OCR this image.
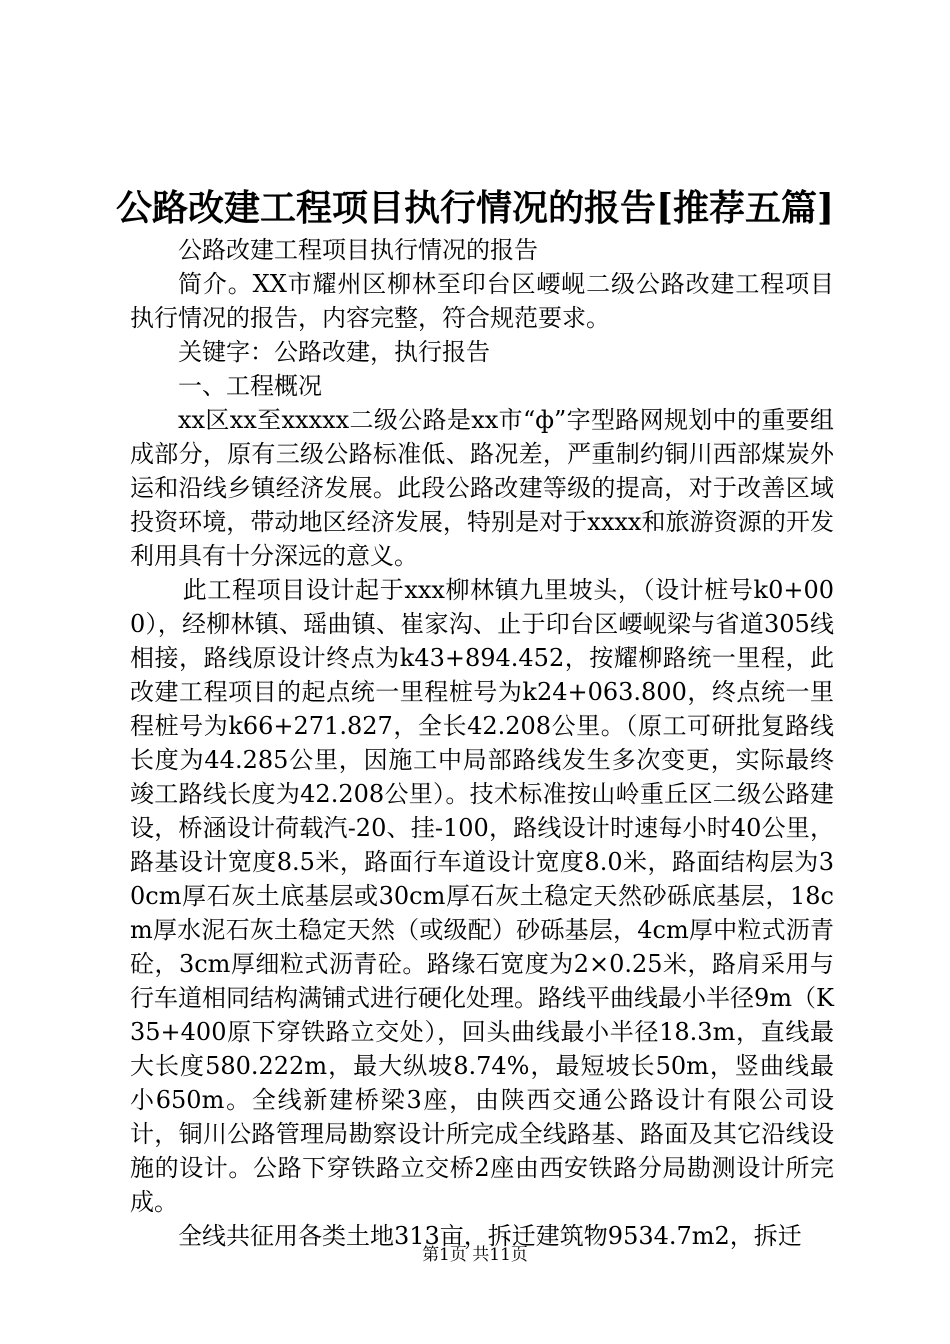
公路改建工程项目执行情况的报告[推荐五篇]

公路改建工程项目执行情况的报告

简介。XX市耀州区柳林至印台区崾岘二级公路改建工程项目执行情况的报告，内容完整，符合规范要求。

关键字：公路改建，执行报告

一、工程概况

xx区xx至xxxxx二级公路是xx市“ф”字型路网规划中的重要组成部分，原有三级公路标准低、路况差，严重制约铜川西部煤炭外运和沿线乡镇经济发展。此段公路改建等级的提高，对于改善区域投资环境，带动地区经济发展，特别是对于xxxx和旅游资源的开发利用具有十分深远的意义。

此工程项目设计起于xxx柳林镇九里坡头，（设计桩号k0+000），经柳林镇、瑶曲镇、崔家沟、止于印台区崾岘梁与省道305线相接，路线原设计终点为k43+894.452，按耀柳路统一里程，此改建工程项目的起点统一里程桩号为k24+063.800，终点统一里程桩号为k66+271.827，全长42.208公里。（原工可研批复路线长度为44.285公里，因施工中局部路线发生多次变更，实际最终竣工路线长度为42.208公里）。技术标准按山岭重丘区二级公路建设，桥涵设计荷载汽-20、挂-100，路线设计时速每小时40公里，路基设计宽度8.5米，路面行车道设计宽度8.0米，路面结构层为30cm厚石灰土底基层或30cm厚石灰土稳定天然砂砾底基层，18cm厚水泥石灰土稳定天然（或级配）砂砾基层，4cm厚中粒式沥青砼，3cm厚细粒式沥青砼。路缘石宽度为2×0.25米，路肩采用与行车道相同结构满铺式进行硬化处理。路线平曲线最小半径9m（K 35+400原下穿铁路立交处），回头曲线最小半径18.3m，直线最大长度580.222m，最大纵坡8.74%，最短坡长50m，竖曲线最小650m。全线新建桥梁3座，由陕西交通公路设计有限公司设计，铜川公路管理局勘察设计所完成全线路基、路面及其它沿线设施的设计。公路下穿铁路立交桥2座由西安铁路分局勘测设计所完成。

全线共征用各类土地313亩，拆迁建筑物9534.7m2，拆迁

第1页 共11页
